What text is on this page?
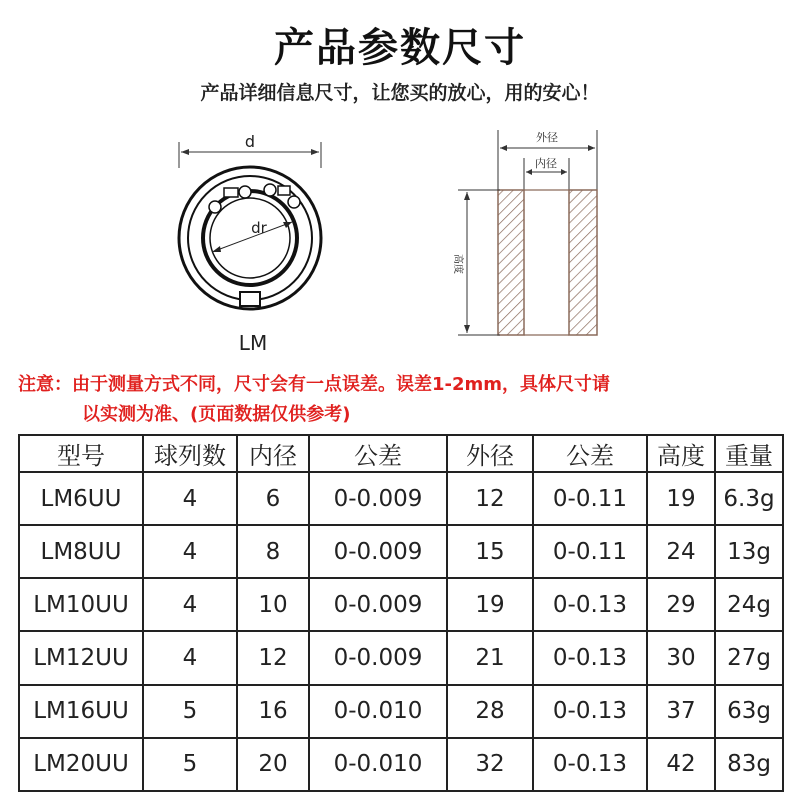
产品参数尺寸
产品详细信息尺寸，让您买的放心，用的安心！
d
dr
LM
外径
内径
高度
注意：由于测量方式不同，尺寸会有一点误差。误差1-2mm，具体尺寸请
以实测为准、(页面数据仅供参考)
型号	球列数	内径	公差	外径	公差	高度	重量
LM6UU	4	6	0-0.009	12	0-0.11	19	6.3g
LM8UU	4	8	0-0.009	15	0-0.11	24	13g
LM10UU	4	10	0-0.009	19	0-0.13	29	24g
LM12UU	4	12	0-0.009	21	0-0.13	30	27g
LM16UU	5	16	0-0.010	28	0-0.13	37	63g
LM20UU	5	20	0-0.010	32	0-0.13	42	83g
